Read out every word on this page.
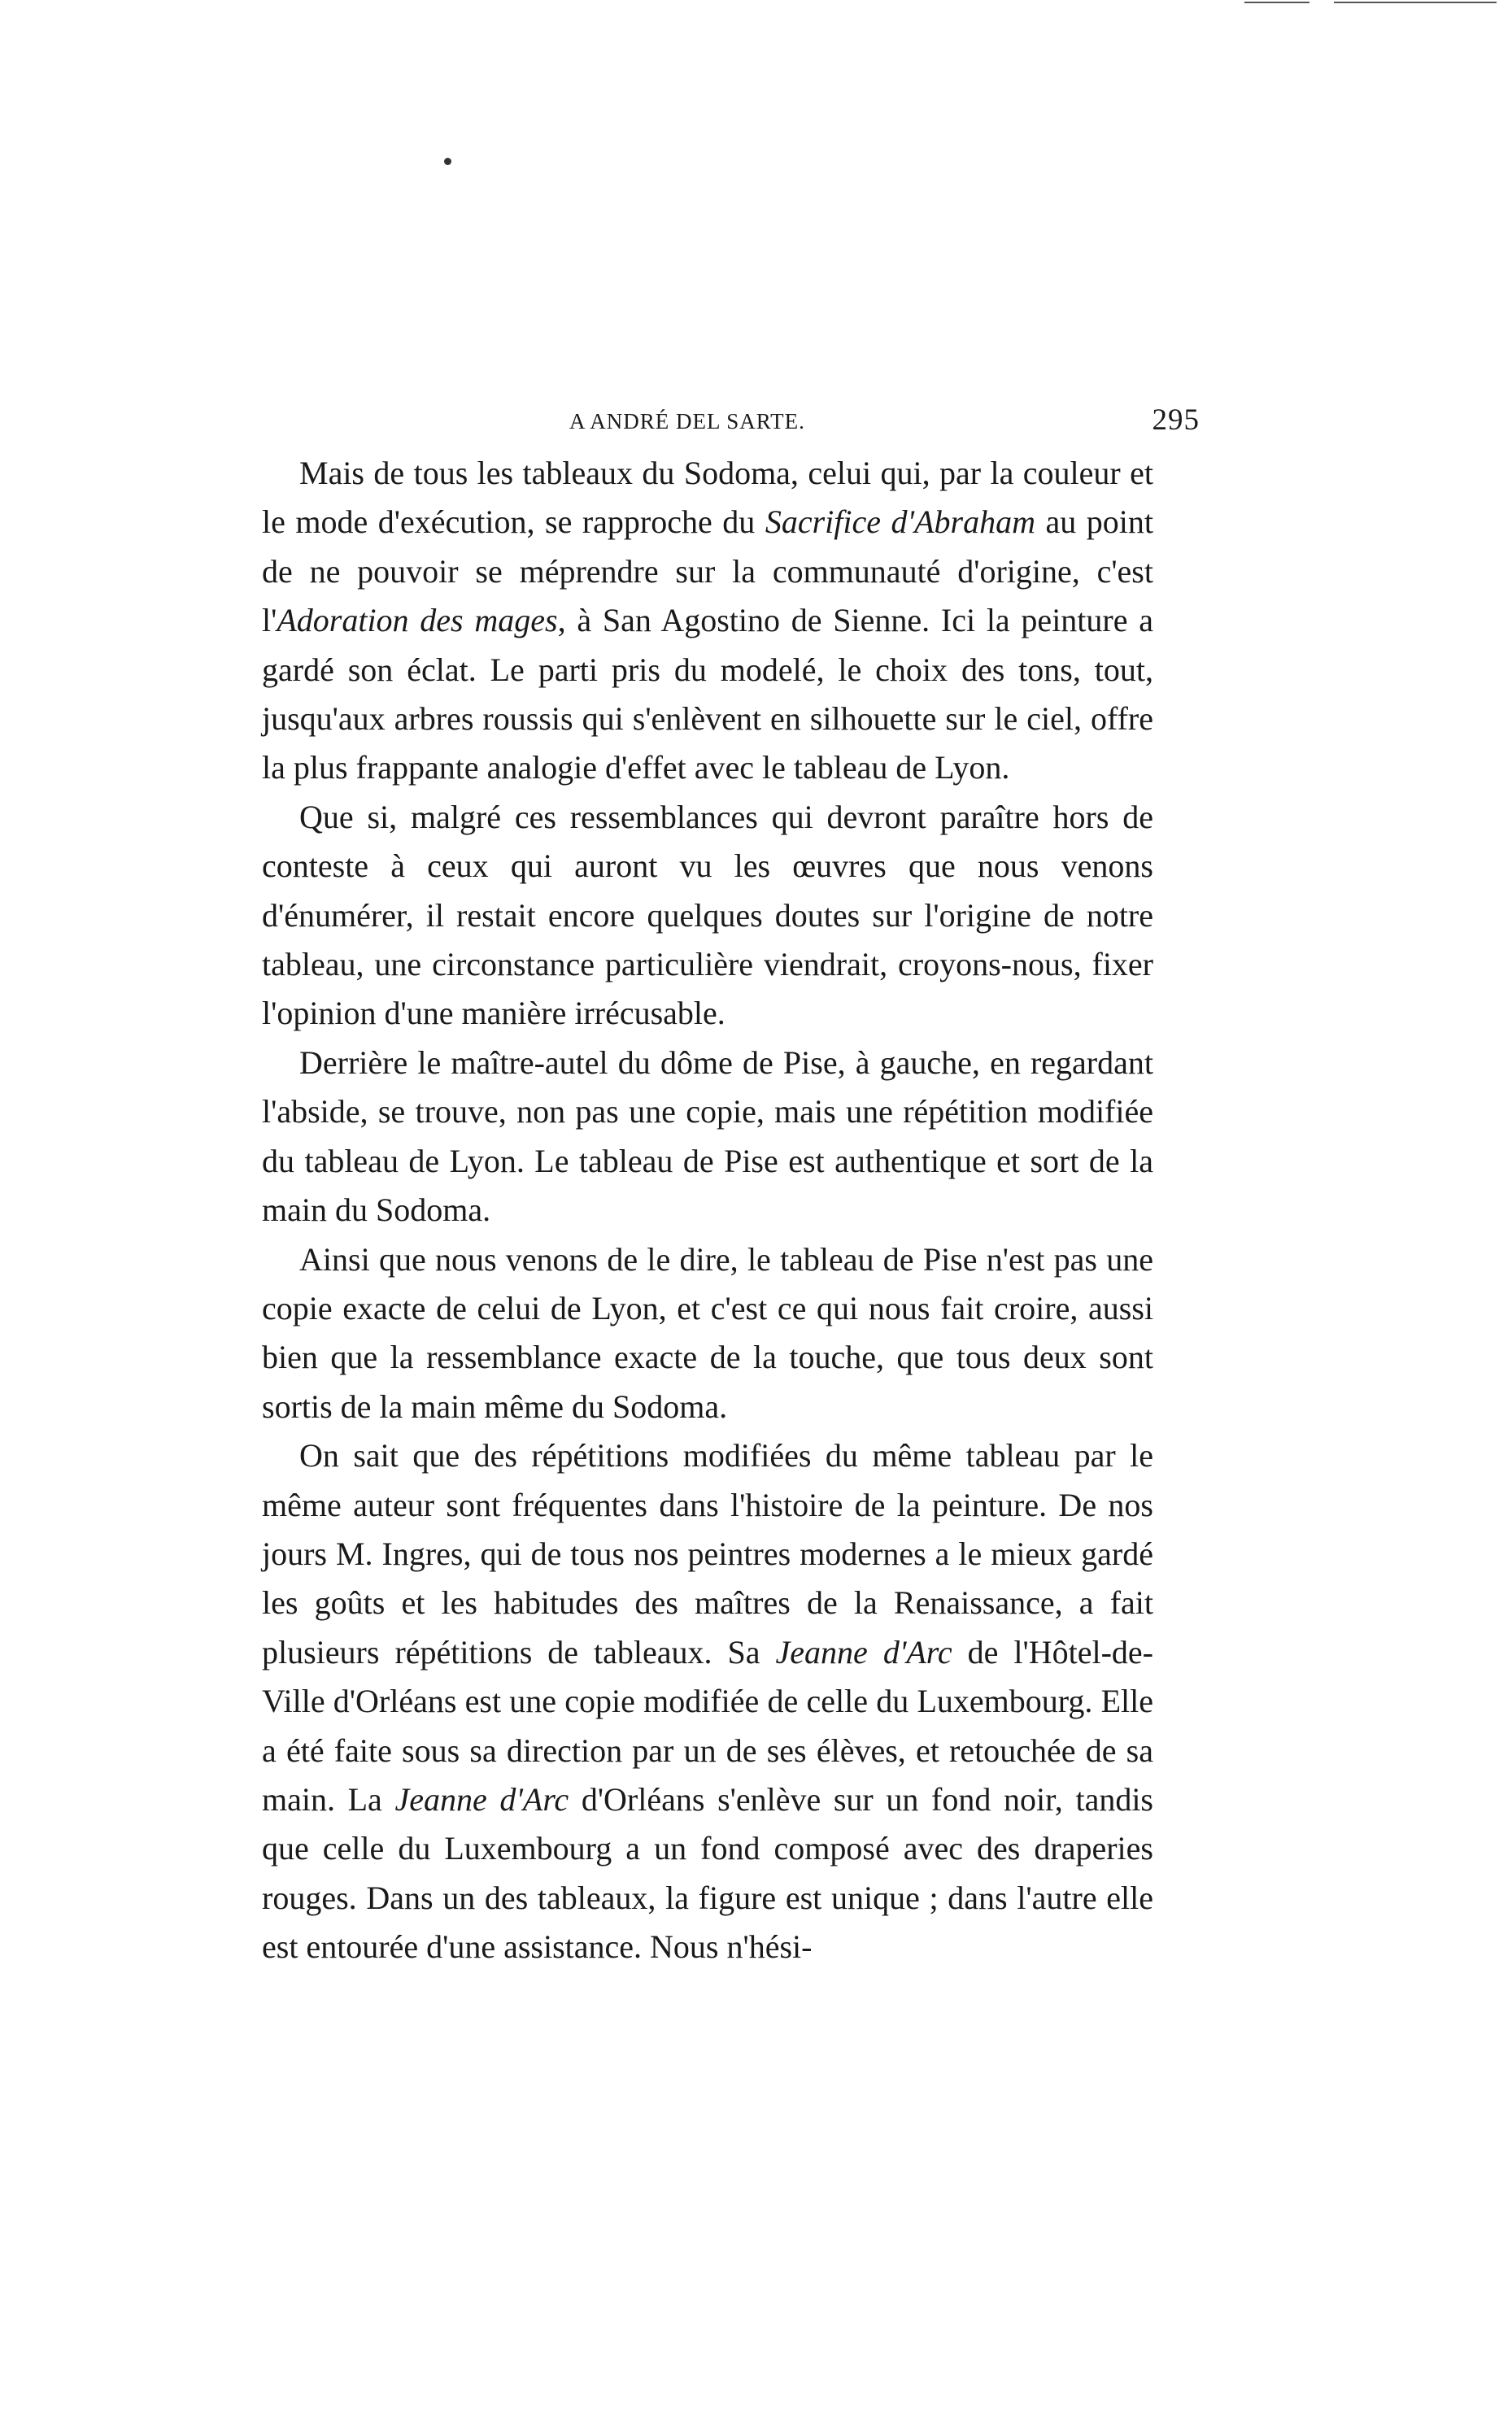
A ANDRÉ DEL SARTE.	295

Mais de tous les tableaux du Sodoma, celui qui, par la couleur et le mode d'exécution, se rapproche du Sacrifice d'Abraham au point de ne pouvoir se méprendre sur la communauté d'origine, c'est l'Adoration des mages, à San Agostino de Sienne. Ici la peinture a gardé son éclat. Le parti pris du modelé, le choix des tons, tout, jusqu'aux arbres roussis qui s'enlèvent en silhouette sur le ciel, offre la plus frappante analogie d'effet avec le tableau de Lyon.

Que si, malgré ces ressemblances qui devront paraître hors de conteste à ceux qui auront vu les œuvres que nous venons d'énumérer, il restait encore quelques doutes sur l'origine de notre tableau, une circonstance particulière viendrait, croyons-nous, fixer l'opinion d'une manière irrécusable.

Derrière le maître-autel du dôme de Pise, à gauche, en regardant l'abside, se trouve, non pas une copie, mais une répétition modifiée du tableau de Lyon. Le tableau de Pise est authentique et sort de la main du Sodoma.

Ainsi que nous venons de le dire, le tableau de Pise n'est pas une copie exacte de celui de Lyon, et c'est ce qui nous fait croire, aussi bien que la ressemblance exacte de la touche, que tous deux sont sortis de la main même du Sodoma.

On sait que des répétitions modifiées du même tableau par le même auteur sont fréquentes dans l'histoire de la peinture. De nos jours M. Ingres, qui de tous nos peintres modernes a le mieux gardé les goûts et les habitudes des maîtres de la Renaissance, a fait plusieurs répétitions de tableaux. Sa Jeanne d'Arc de l'Hôtel-de-Ville d'Orléans est une copie modifiée de celle du Luxembourg. Elle a été faite sous sa direction par un de ses élèves, et retouchée de sa main. La Jeanne d'Arc d'Orléans s'enlève sur un fond noir, tandis que celle du Luxembourg a un fond composé avec des draperies rouges. Dans un des tableaux, la figure est unique ; dans l'autre elle est entourée d'une assistance. Nous n'hési-
